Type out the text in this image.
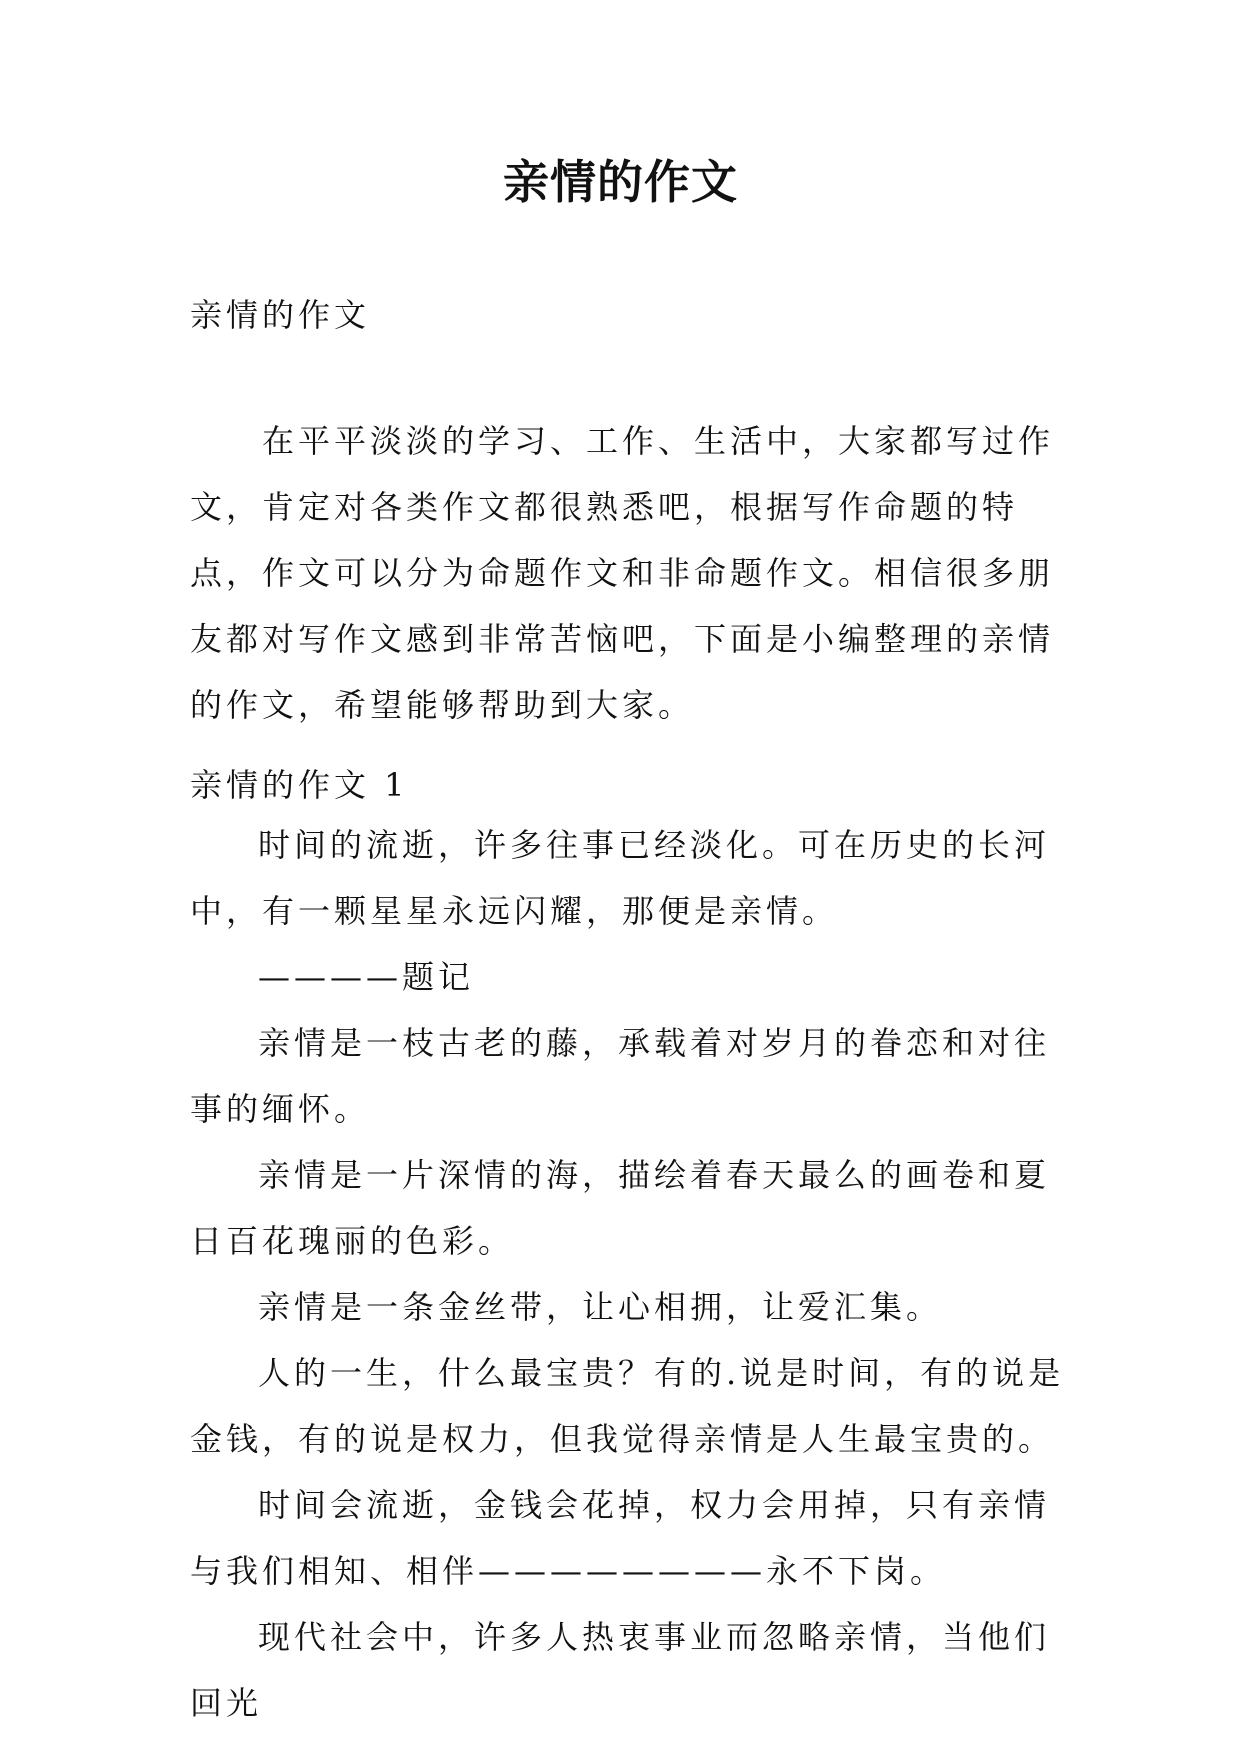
亲情的作文
亲情的作文

在平平淡淡的学习、工作、生活中，大家都写过作文，肯定对各类作文都很熟悉吧，根据写作命题的特点，作文可以分为命题作文和非命题作文。相信很多朋友都对写作文感到非常苦恼吧，下面是小编整理的亲情的作文，希望能够帮助到大家。

亲情的作文 1

时间的流逝，许多往事已经淡化。可在历史的长河中，有一颗星星永远闪耀，那便是亲情。

————题记

亲情是一枝古老的藤，承载着对岁月的眷恋和对往事的缅怀。

亲情是一片深情的海，描绘着春天最么的画卷和夏日百花瑰丽的色彩。

亲情是一条金丝带，让心相拥，让爱汇集。

人的一生，什么最宝贵？有的.说是时间，有的说是金钱，有的说是权力，但我觉得亲情是人生最宝贵的。

时间会流逝，金钱会花掉，权力会用掉，只有亲情与我们相知、相伴————————永不下岗。

现代社会中，许多人热衷事业而忽略亲情，当他们回光
